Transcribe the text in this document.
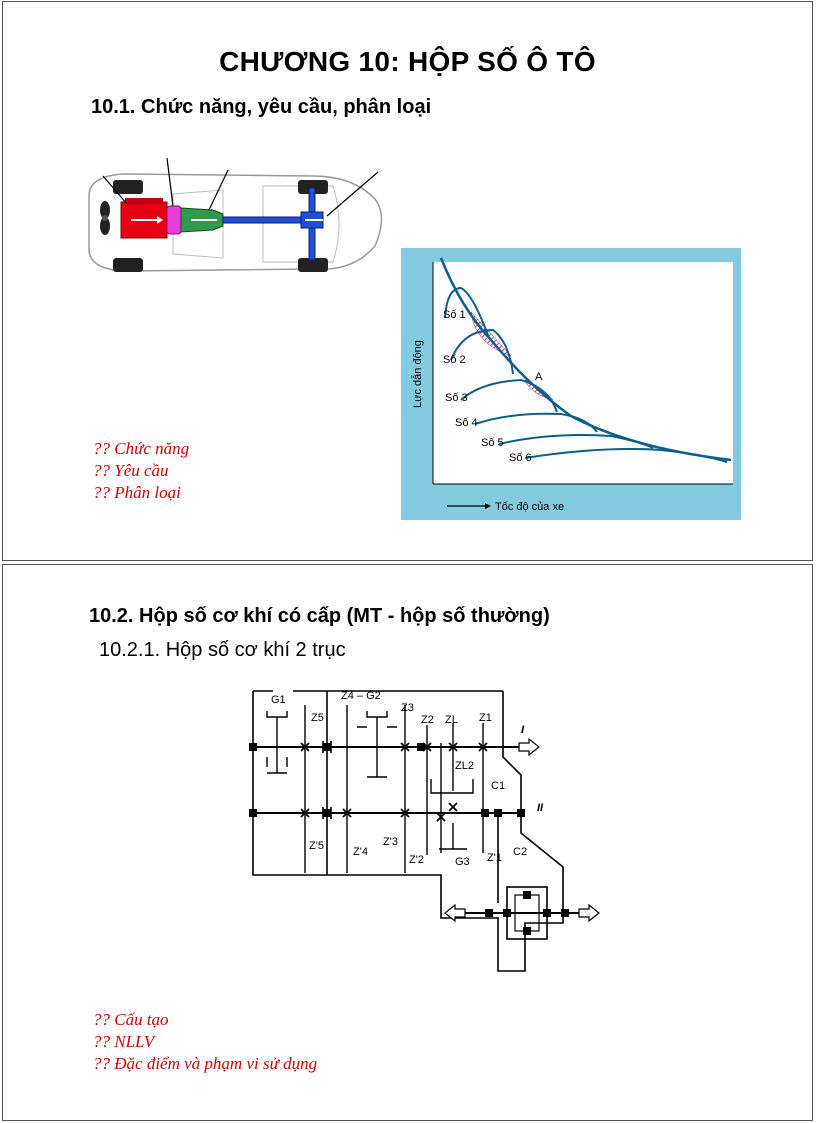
CHƯƠNG 10: HỘP SỐ Ô TÔ
10.1. Chức năng, yêu cầu, phân loại
Số 1
Số 2
Số 3
Số 4
Số 5
Số 6
A
Lực dẫn động
Tốc độ của xe
?? Chức năng
?? Yêu cầu
?? Phân loại
10.2. Hộp số cơ khí có cấp (MT - hộp số thường)
10.2.1. Hộp số cơ khí 2 trục
G1	Z4 – G2
Z5
Z3
Z2 ZL Z1
ZL2
C1
C2
Z'5	Z'4
Z'3
Z'2	G3 Z'1
I
II
?? Cấu tạo
?? NLLV
?? Đặc điểm và phạm vi sử dụng
